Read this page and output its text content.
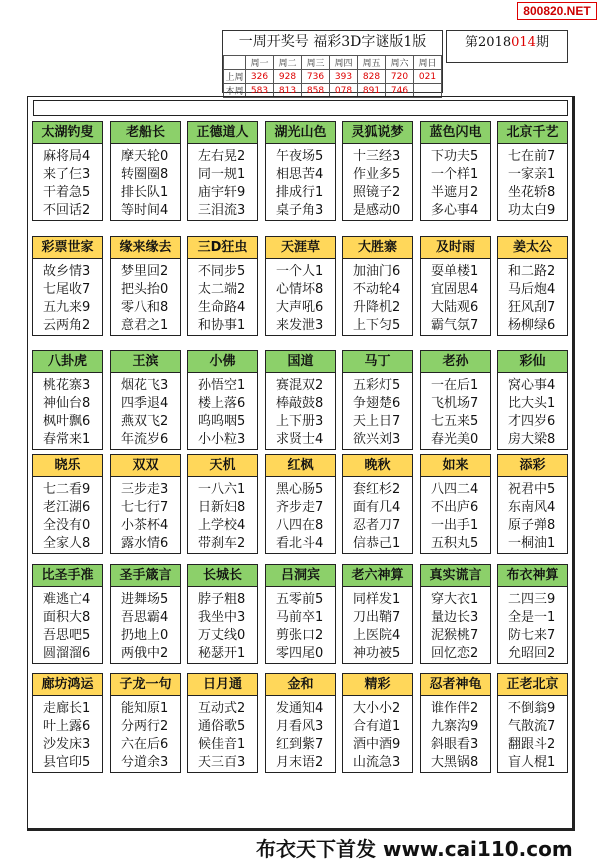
800820.NET
一周开奖号 福彩3D字谜版1版
	周一	周二	周三	周四	周五	周六	周日
上周	326	928	736	393	828	720	021
本周	583	813	858	078	891	746	
第2018014期
太湖钓叟
麻将局4
来了仨3
干着急5
不回话2
老船长
摩天轮0
转圈圈8
排长队1
等时间4
正德道人
左右晃2
同一规1
庙宇轩9
三泪流3
湖光山色
午夜场5
相思苦4
排成行1
桌子角3
灵狐说梦
十三经3
作业多5
照镜子2
是感动0
蓝色闪电
下功夫5
一个样1
半遮月2
多心事4
北京千艺
七在前7
一家亲1
坐花轿8
功太白9
彩票世家
故乡情3
七尾收7
五九来9
云两角2
缘来缘去
梦里回2
把头抬0
零八和8
意君之1
三D狂虫
不同步5
太二端2
生命路4
和协事1
天涯草
一个人1
心情坏8
大声吼6
来发泄3
大胜寨
加油门6
不动轮4
升降机2
上下匀5
及时雨
耍单楼1
宜固思4
大陆观6
霸气氛7
姜太公
和二路2
马后炮4
狂风刮7
杨柳绿6
八卦虎
桃花寨3
神仙台8
枫叶飘6
春常来1
王滨
烟花飞3
四季退4
燕双飞2
年流岁6
小佛
孙悟空1
楼上落6
呜呜咽5
小小粒3
国道
赛混双2
棒敲鼓8
上下册3
求贤士4
马丁
五彩灯5
争翅楚6
天上日7
欲兴刘3
老孙
一在后1
飞机场7
七五来5
春光美0
彩仙
窝心事4
比大头1
才四岁6
房大梁8
晓乐
七二看9
老江湖6
全没有0
全家人8
双双
三步走3
七七行7
小茶杯4
露水情6
天机
一八六1
日新妇8
上学校4
带刹车2
红枫
黑心肠5
齐步走7
八四在8
看北斗4
晚秋
套红杉2
面有几4
忍者刀7
信恭己1
如来
八四二4
不出庐6
一出手1
五积丸5
添彩
祝君中5
东南风4
原子弹8
一桐油1
比圣手准
难逃亡4
面积大8
吾思吧5
圆溜溜6
圣手箴言
进舞场5
吾思霸4
扔地上0
两俄中2
长城长
脖子粗8
我坐中3
万丈线0
秘瑟开1
吕洞宾
五零前5
马前卒1
剪张口2
零四尾0
老六神算
同样发1
刀出鞘7
上医院4
神功被5
真实谎言
穿大衣1
量边长3
泥猴桃7
回忆恋2
布衣神算
二四三9
全是一1
防七来7
允昭回2
廊坊鸿运
走廊长1
叶上露6
沙发床3
县官印5
子龙一句
能知原1
分两行2
六在后6
兮道余3
日月通
互动式2
通俗歌5
候佳音1
天三百3
金和
发通知4
月看风3
红到紫7
月末语2
精彩
大小小2
合有道1
酒中酒9
山流急3
忍者神龟
谁作伴2
九寨沟9
斜眼看3
大黑锅8
正老北京
不倒翁9
气散流7
翻跟斗2
盲人棍1
布衣天下首发 www.cai110.com
